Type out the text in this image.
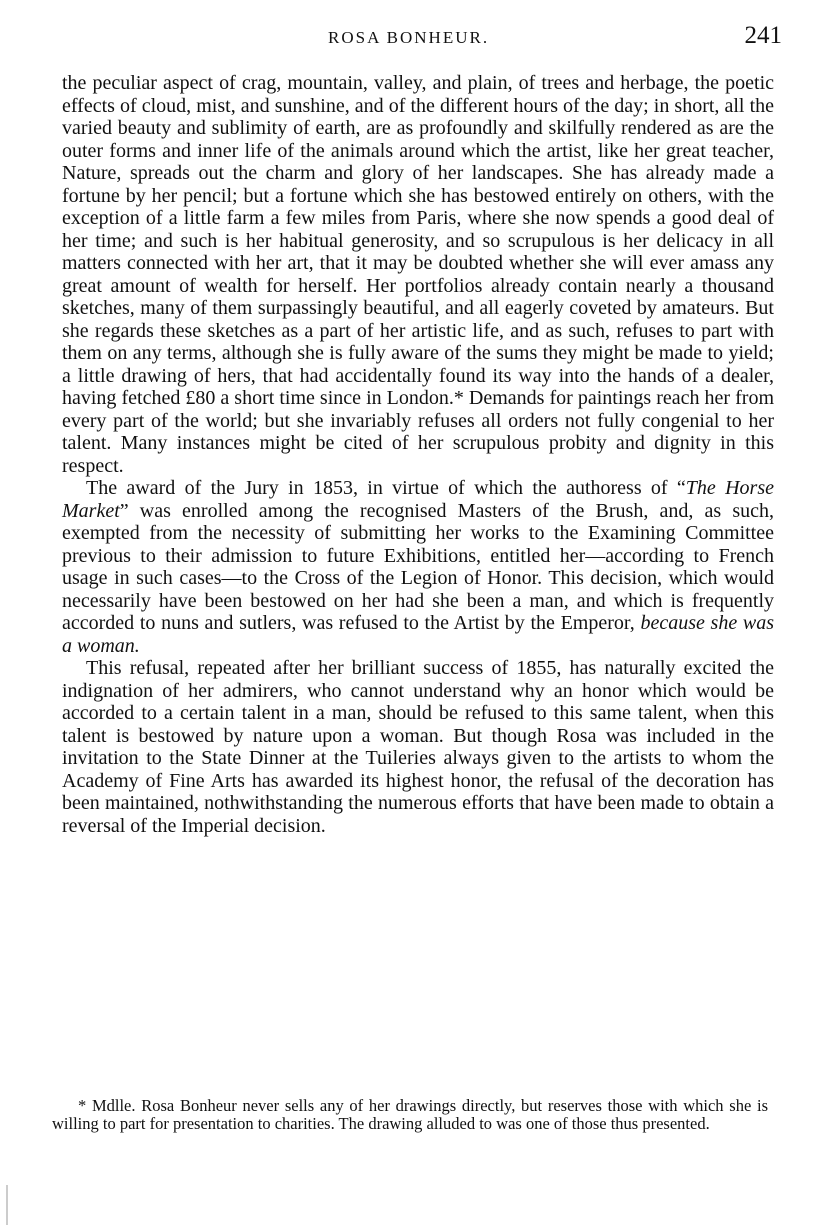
ROSA BONHEUR.	241

the peculiar aspect of crag, mountain, valley, and plain, of trees and herbage, the poetic effects of cloud, mist, and sunshine, and of the different hours of the day; in short, all the varied beauty and sublimity of earth, are as profoundly and skilfully rendered as are the outer forms and inner life of the animals around which the artist, like her great teacher, Nature, spreads out the charm and glory of her landscapes. She has already made a fortune by her pencil; but a fortune which she has bestowed entirely on others, with the exception of a little farm a few miles from Paris, where she now spends a good deal of her time; and such is her habitual generosity, and so scrupulous is her delicacy in all matters connected with her art, that it may be doubted whether she will ever amass any great amount of wealth for herself. Her portfolios already contain nearly a thousand sketches, many of them surpassingly beautiful, and all eagerly coveted by amateurs. But she regards these sketches as a part of her artistic life, and as such, refuses to part with them on any terms, although she is fully aware of the sums they might be made to yield; a little drawing of hers, that had accidentally found its way into the hands of a dealer, having fetched £80 a short time since in London.* Demands for paintings reach her from every part of the world; but she invariably refuses all orders not fully congenial to her talent. Many instances might be cited of her scrupulous probity and dignity in this respect.

The award of the Jury in 1853, in virtue of which the authoress of “The Horse Market” was enrolled among the recognised Masters of the Brush, and, as such, exempted from the necessity of submitting her works to the Examining Committee previous to their admission to future Exhibitions, entitled her—according to French usage in such cases—to the Cross of the Legion of Honor. This decision, which would necessarily have been bestowed on her had she been a man, and which is frequently accorded to nuns and sutlers, was refused to the Artist by the Emperor, because she was a woman.

This refusal, repeated after her brilliant success of 1855, has naturally excited the indignation of her admirers, who cannot understand why an honor which would be accorded to a certain talent in a man, should be refused to this same talent, when this talent is bestowed by nature upon a woman. But though Rosa was included in the invitation to the State Dinner at the Tuileries always given to the artists to whom the Academy of Fine Arts has awarded its highest honor, the refusal of the decoration has been maintained, nothwithstanding the numerous efforts that have been made to obtain a reversal of the Imperial decision.

* Mdlle. Rosa Bonheur never sells any of her drawings directly, but reserves those with which she is willing to part for presentation to charities. The drawing alluded to was one of those thus presented.
